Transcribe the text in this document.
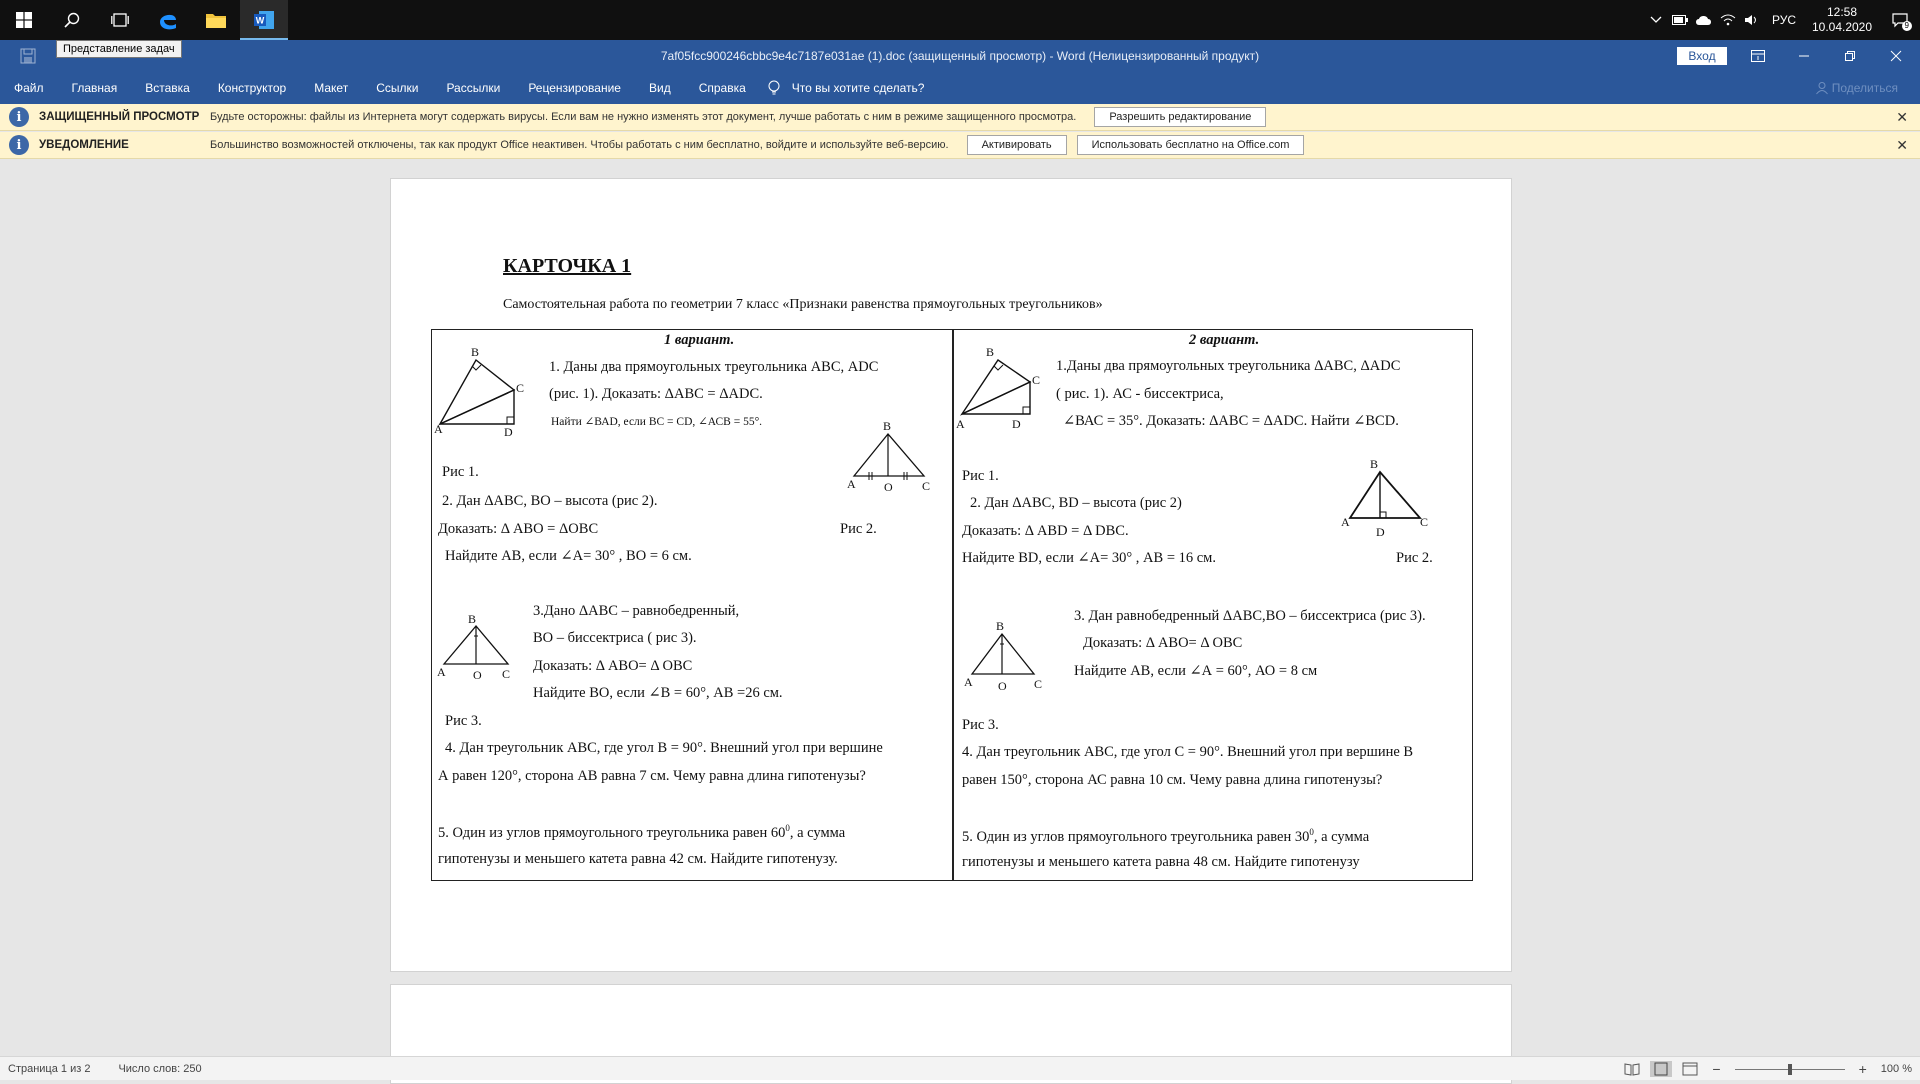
W	РУС
12:58
10.04.2020	9
Представление задач	7af05fcc900246cbbc9e4c7187e031ae (1).doc (защищенный просмотр) - Word (Нелицензированный продукт)	Вход
Файл	Главная	Вставка	Конструктор	Макет	Ссылки	Рассылки	Рецензирование	Вид	Справка	Что вы хотите сделать?	Поделиться
i	ЗАЩИЩЕННЫЙ ПРОСМОТР Будьте осторожны: файлы из Интернета могут содержать вирусы. Если вам не нужно изменять этот документ, лучше работать с ним в режиме защищенного просмотра.	Разрешить редактирование	✕
i	УВЕДОМЛЕНИЕ	Большинство возможностей отключены, так как продукт Office неактивен. Чтобы работать с ним бесплатно, войдите и используйте веб-версию.	Активировать	Использовать бесплатно на Office.com	✕
КАРТОЧКА 1
Самостоятельная работа по геометрии 7 класс «Признаки равенства прямоугольных треугольников»
1 вариант.
A
B
C
D
1. Даны два прямоугольных треугольника АВС, АDС
(рис. 1). Доказать: ΔАВС = ΔАDС.
Найти ∠ВАD, если ВС = CD, ∠АСВ = 55°.
Рис 1.
B
A O C
2. Дан ΔАВС, ВО – высота (рис 2).
Доказать: Δ АВО = ΔОВС	Рис 2.
Найдите АВ, если ∠А= 30° , ВО = 6 см.
B
A O C
3.Дано ΔАВС – равнобедренный,
ВО – биссектриса ( рис 3).
Доказать: Δ АВО= Δ ОВС
Найдите ВО, если ∠В = 60°, АВ =26 см.
Рис 3.
4. Дан треугольник АВС, где угол В = 90°. Внешний угол при вершине
А равен 120°, сторона АВ равна 7 см. Чему равна длина гипотенузы?
5. Один из углов прямоугольного треугольника равен $60^0$, а сумма
гипотенузы и меньшего катета равна 42 см. Найдите гипотенузу.
2 вариант.
A
B
C
D
1.Даны два прямоугольных треугольника ΔАВС, ΔАDС
( рис. 1). АС - биссектриса,
∠ВАС = 35°. Доказать: ΔАВС = ΔАDС. Найти ∠ВСD.
Рис 1.
B
A
D
C
2. Дан ΔАВС, ВD – высота (рис 2)
Доказать: Δ АВD = Δ DВС.
Найдите ВD, если ∠А= 30° , АВ = 16 см.	Рис 2.
B
A O C
3. Дан равнобедренный ΔАВС,ВО – биссектриса (рис 3).
Доказать: Δ АВО= Δ ОВС
Найдите АВ, если ∠А = 60°, АО = 8 см
Рис 3.
4. Дан треугольник АВС, где угол С = 90°. Внешний угол при вершине В
равен 150°, сторона АС равна 10 см. Чему равна длина гипотенузы?
5. Один из углов прямоугольного треугольника равен $30^0$, а сумма
гипотенузы и меньшего катета равна 48 см. Найдите гипотенузу
Страница 1 из 2	Число слов: 250	−	+	100 %
